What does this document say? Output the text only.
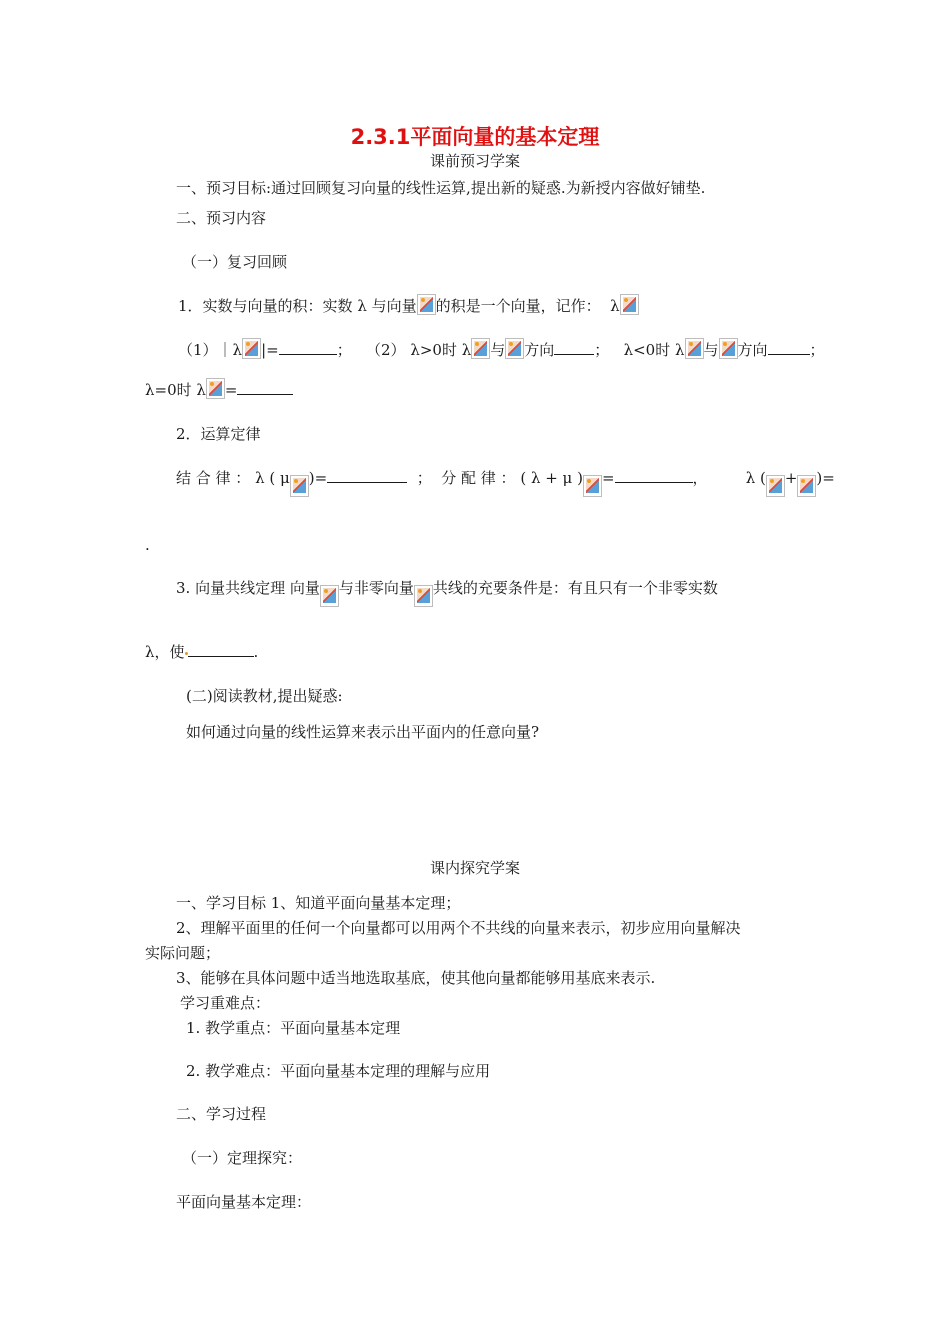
2.3.1平面向量的基本定理
课前预习学案
一、预习目标:通过回顾复习向量的线性运算,提出新的疑惑.为新授内容做好铺垫.
二、预习内容
（一）复习回顾
1．实数与向量的积：实数 λ 与向量 的积是一个向量，记作： λ
（1）｜λ |=	； （2） λ>0时 λ 与 方向	； λ<0时 λ 与 方向	；
λ=0时 λ =
2．运算定律
结 合 律 ： λ ( μ )=	； 分 配 律 ： ( λ + μ ) =	，	λ ( + )=
.
3. 向量共线定理 向量 与非零向量 共线的充要条件是：有且只有一个非零实数
λ，使	.
(二)阅读教材,提出疑惑:
如何通过向量的线性运算来表示出平面内的任意向量?
课内探究学案
一、学习目标 1、知道平面向量基本定理；
2、理解平面里的任何一个向量都可以用两个不共线的向量来表示，初步应用向量解决
实际问题；
3、能够在具体问题中适当地选取基底，使其他向量都能够用基底来表示.
学习重难点：
1. 教学重点：平面向量基本定理
2. 教学难点：平面向量基本定理的理解与应用
二、学习过程
（一）定理探究：
平面向量基本定理：
